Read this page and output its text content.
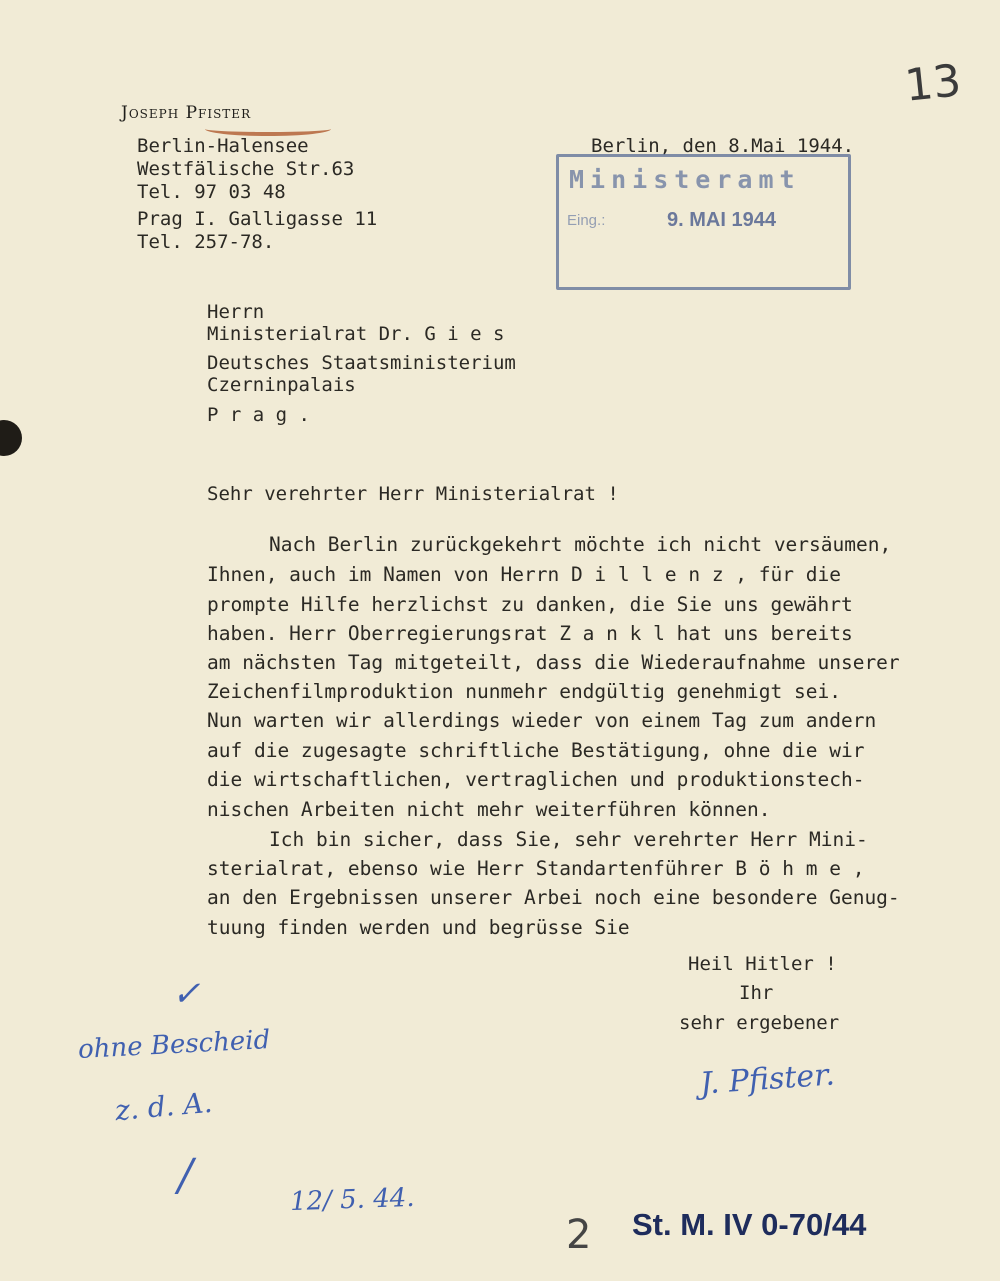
13
Joseph Pfister
Berlin-Halensee
Westfälische Str.63
Tel. 97 03 48
Prag I. Galligasse 11
Tel. 257-78.
Berlin, den 8.Mai 1944.
Ministeramt
Eing.:	9. MAI 1944
Herrn
Ministerialrat Dr. G i e s
Deutsches Staatsministerium
Czerninpalais
P r a g .
Sehr verehrter Herr Ministerialrat !
Nach Berlin zurückgekehrt möchte ich nicht versäumen,
Ihnen, auch im Namen von Herrn D i l l e n z , für die
prompte Hilfe herzlichst zu danken, die Sie uns gewährt
haben. Herr Oberregierungsrat Z a n k l hat uns bereits
am nächsten Tag mitgeteilt, dass die Wiederaufnahme unserer
Zeichenfilmproduktion nunmehr endgültig genehmigt sei.
Nun warten wir allerdings wieder von einem Tag zum andern
auf die zugesagte schriftliche Bestätigung, ohne die wir
die wirtschaftlichen, vertraglichen und produktionstech-
nischen Arbeiten nicht mehr weiterführen können.
Ich bin sicher, dass Sie, sehr verehrter Herr Mini-
sterialrat, ebenso wie Herr Standartenführer B ö h m e ,
an den Ergebnissen unserer Arbei noch eine besondere Genug-
tuung finden werden und begrüsse Sie
Heil Hitler !
Ihr
sehr ergebener
J. Pfister.
✓
ohne Bescheid
z. d. A.
12/ 5. 44.
/
2 St. M. IV 0-70/44
